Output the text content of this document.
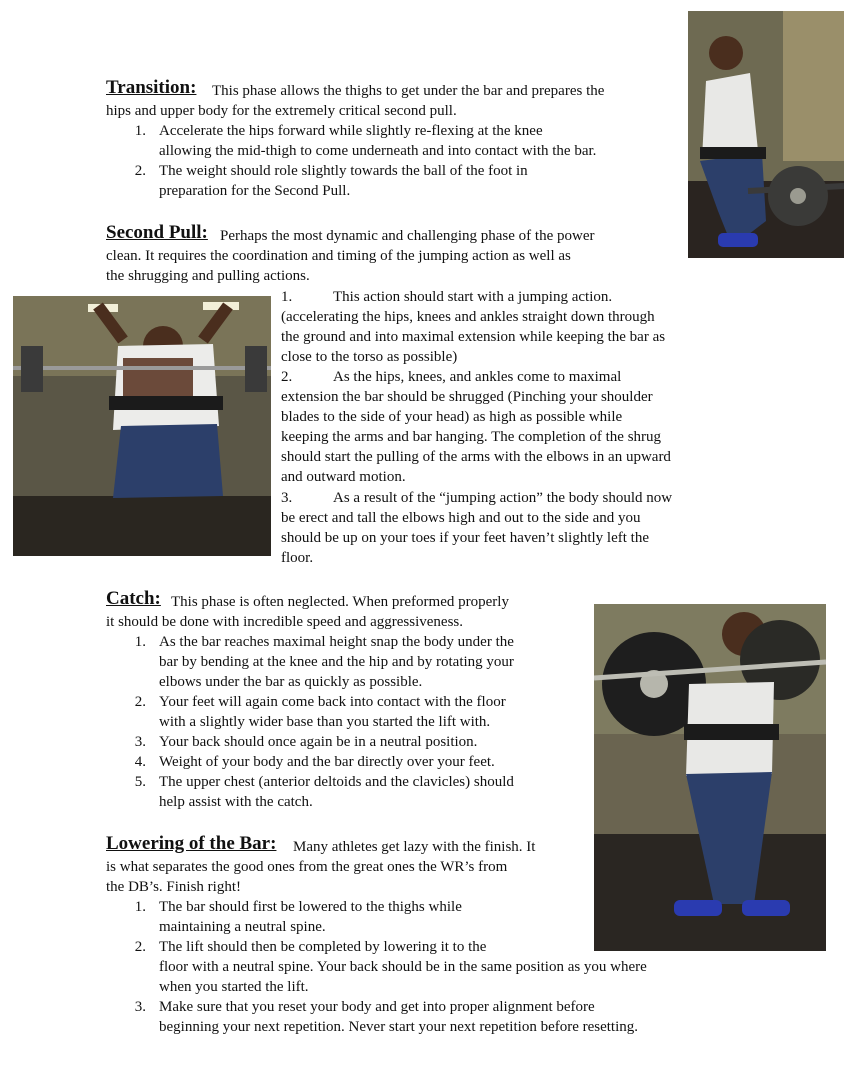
Transition: This phase allows the thighs to get under the bar and prepares the
hips and upper body for the extremely critical second pull.
1. Accelerate the hips forward while slightly re-flexing at the knee
allowing the mid-thigh to come underneath and into contact with the bar.
2. The weight should role slightly towards the ball of the foot in
preparation for the Second Pull.
Second Pull: Perhaps the most dynamic and challenging phase of the power
clean. It requires the coordination and timing of the jumping action as well as
the shrugging and pulling actions.
1.	This action should start with a jumping action.
(accelerating the hips, knees and ankles straight down through
the ground and into maximal extension while keeping the bar as
close to the torso as possible)
2.	As the hips, knees, and ankles come to maximal
extension the bar should be shrugged (Pinching your shoulder
blades to the side of your head) as high as possible while
keeping the arms and bar hanging. The completion of the shrug
should start the pulling of the arms with the elbows in an upward
and outward motion.
3.	As a result of the “jumping action” the body should now
be erect and tall the elbows high and out to the side and you
should be up on your toes if your feet haven’t slightly left the
floor.
Catch: This phase is often neglected. When preformed properly
it should be done with incredible speed and aggressiveness.
1. As the bar reaches maximal height snap the body under the
bar by bending at the knee and the hip and by rotating your
elbows under the bar as quickly as possible.
2. Your feet will again come back into contact with the floor
with a slightly wider base than you started the lift with.
3. Your back should once again be in a neutral position.
4. Weight of your body and the bar directly over your feet.
5. The upper chest (anterior deltoids and the clavicles) should
help assist with the catch.
Lowering of the Bar: Many athletes get lazy with the finish. It
is what separates the good ones from the great ones the WR’s from
the DB’s. Finish right!
1. The bar should first be lowered to the thighs while
maintaining a neutral spine.
2. The lift should then be completed by lowering it to the
floor with a neutral spine. Your back should be in the same position as you where
when you started the lift.
3. Make sure that you reset your body and get into proper alignment before
beginning your next repetition. Never start your next repetition before resetting.
